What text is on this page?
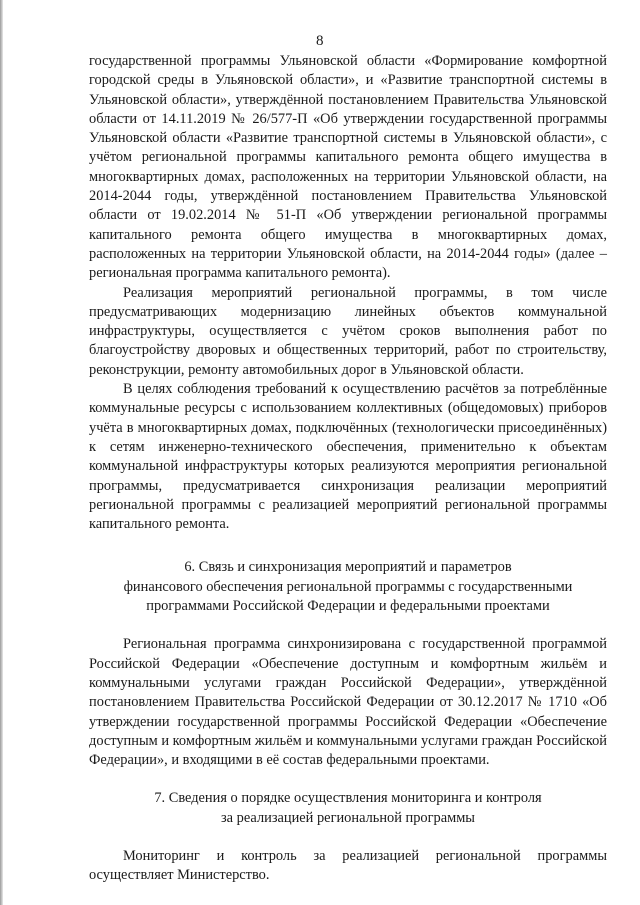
8

государственной программы Ульяновской области «Формирование комфортной городской среды в Ульяновской области», и «Развитие транспортной системы в Ульяновской области», утверждённой постановлением Правительства Ульяновской области от 14.11.2019 № 26/577-П «Об утверждении государственной программы Ульяновской области «Развитие транспортной системы в Ульяновской области», с учётом региональной программы капитального ремонта общего имущества в многоквартирных домах, расположенных на территории Ульяновской области, на 2014-2044 годы, утверждённой постановлением Правительства Ульяновской области от 19.02.2014 № 51-П «Об утверждении региональной программы капитального ремонта общего имущества в многоквартирных домах, расположенных на территории Ульяновской области, на 2014-2044 годы» (далее – региональная программа капитального ремонта).

Реализация мероприятий региональной программы, в том числе предусматривающих модернизацию линейных объектов коммунальной инфраструктуры, осуществляется с учётом сроков выполнения работ по благоустройству дворовых и общественных территорий, работ по строительству, реконструкции, ремонту автомобильных дорог в Ульяновской области.

В целях соблюдения требований к осуществлению расчётов за потреблённые коммунальные ресурсы с использованием коллективных (общедомовых) приборов учёта в многоквартирных домах, подключённых (технологически присоединённых) к сетям инженерно-технического обеспечения, применительно к объектам коммунальной инфраструктуры которых реализуются мероприятия региональной программы, предусматривается синхронизация реализации мероприятий региональной программы с реализацией мероприятий региональной программы капитального ремонта.

6. Связь и синхронизация мероприятий и параметров

финансового обеспечения региональной программы с государственными

программами Российской Федерации и федеральными проектами

Региональная программа синхронизирована с государственной программой Российской Федерации «Обеспечение доступным и комфортным жильём и коммунальными услугами граждан Российской Федерации», утверждённой постановлением Правительства Российской Федерации от 30.12.2017 № 1710 «Об утверждении государственной программы Российской Федерации «Обеспечение доступным и комфортным жильём и коммунальными услугами граждан Российской Федерации», и входящими в её состав федеральными проектами.

7. Сведения о порядке осуществления мониторинга и контроля

за реализацией региональной программы

Мониторинг и контроль за реализацией региональной программы осуществляет Министерство.
